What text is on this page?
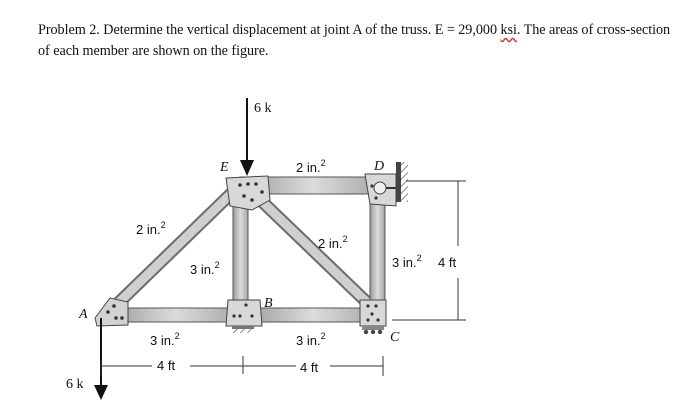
Problem 2. Determine the vertical displacement at joint A of the truss. E = 29,000 ksi. The areas of cross-section of each member are shown on the figure.

A
B
C
D
E
6 k
6 k
2 in.$^2$
2 in.$^2$
3 in.$^2$
2 in.$^2$
3 in.$^2$
3 in.$^2$	3 in.$^2$
4 ft	4 ft
4 ft
